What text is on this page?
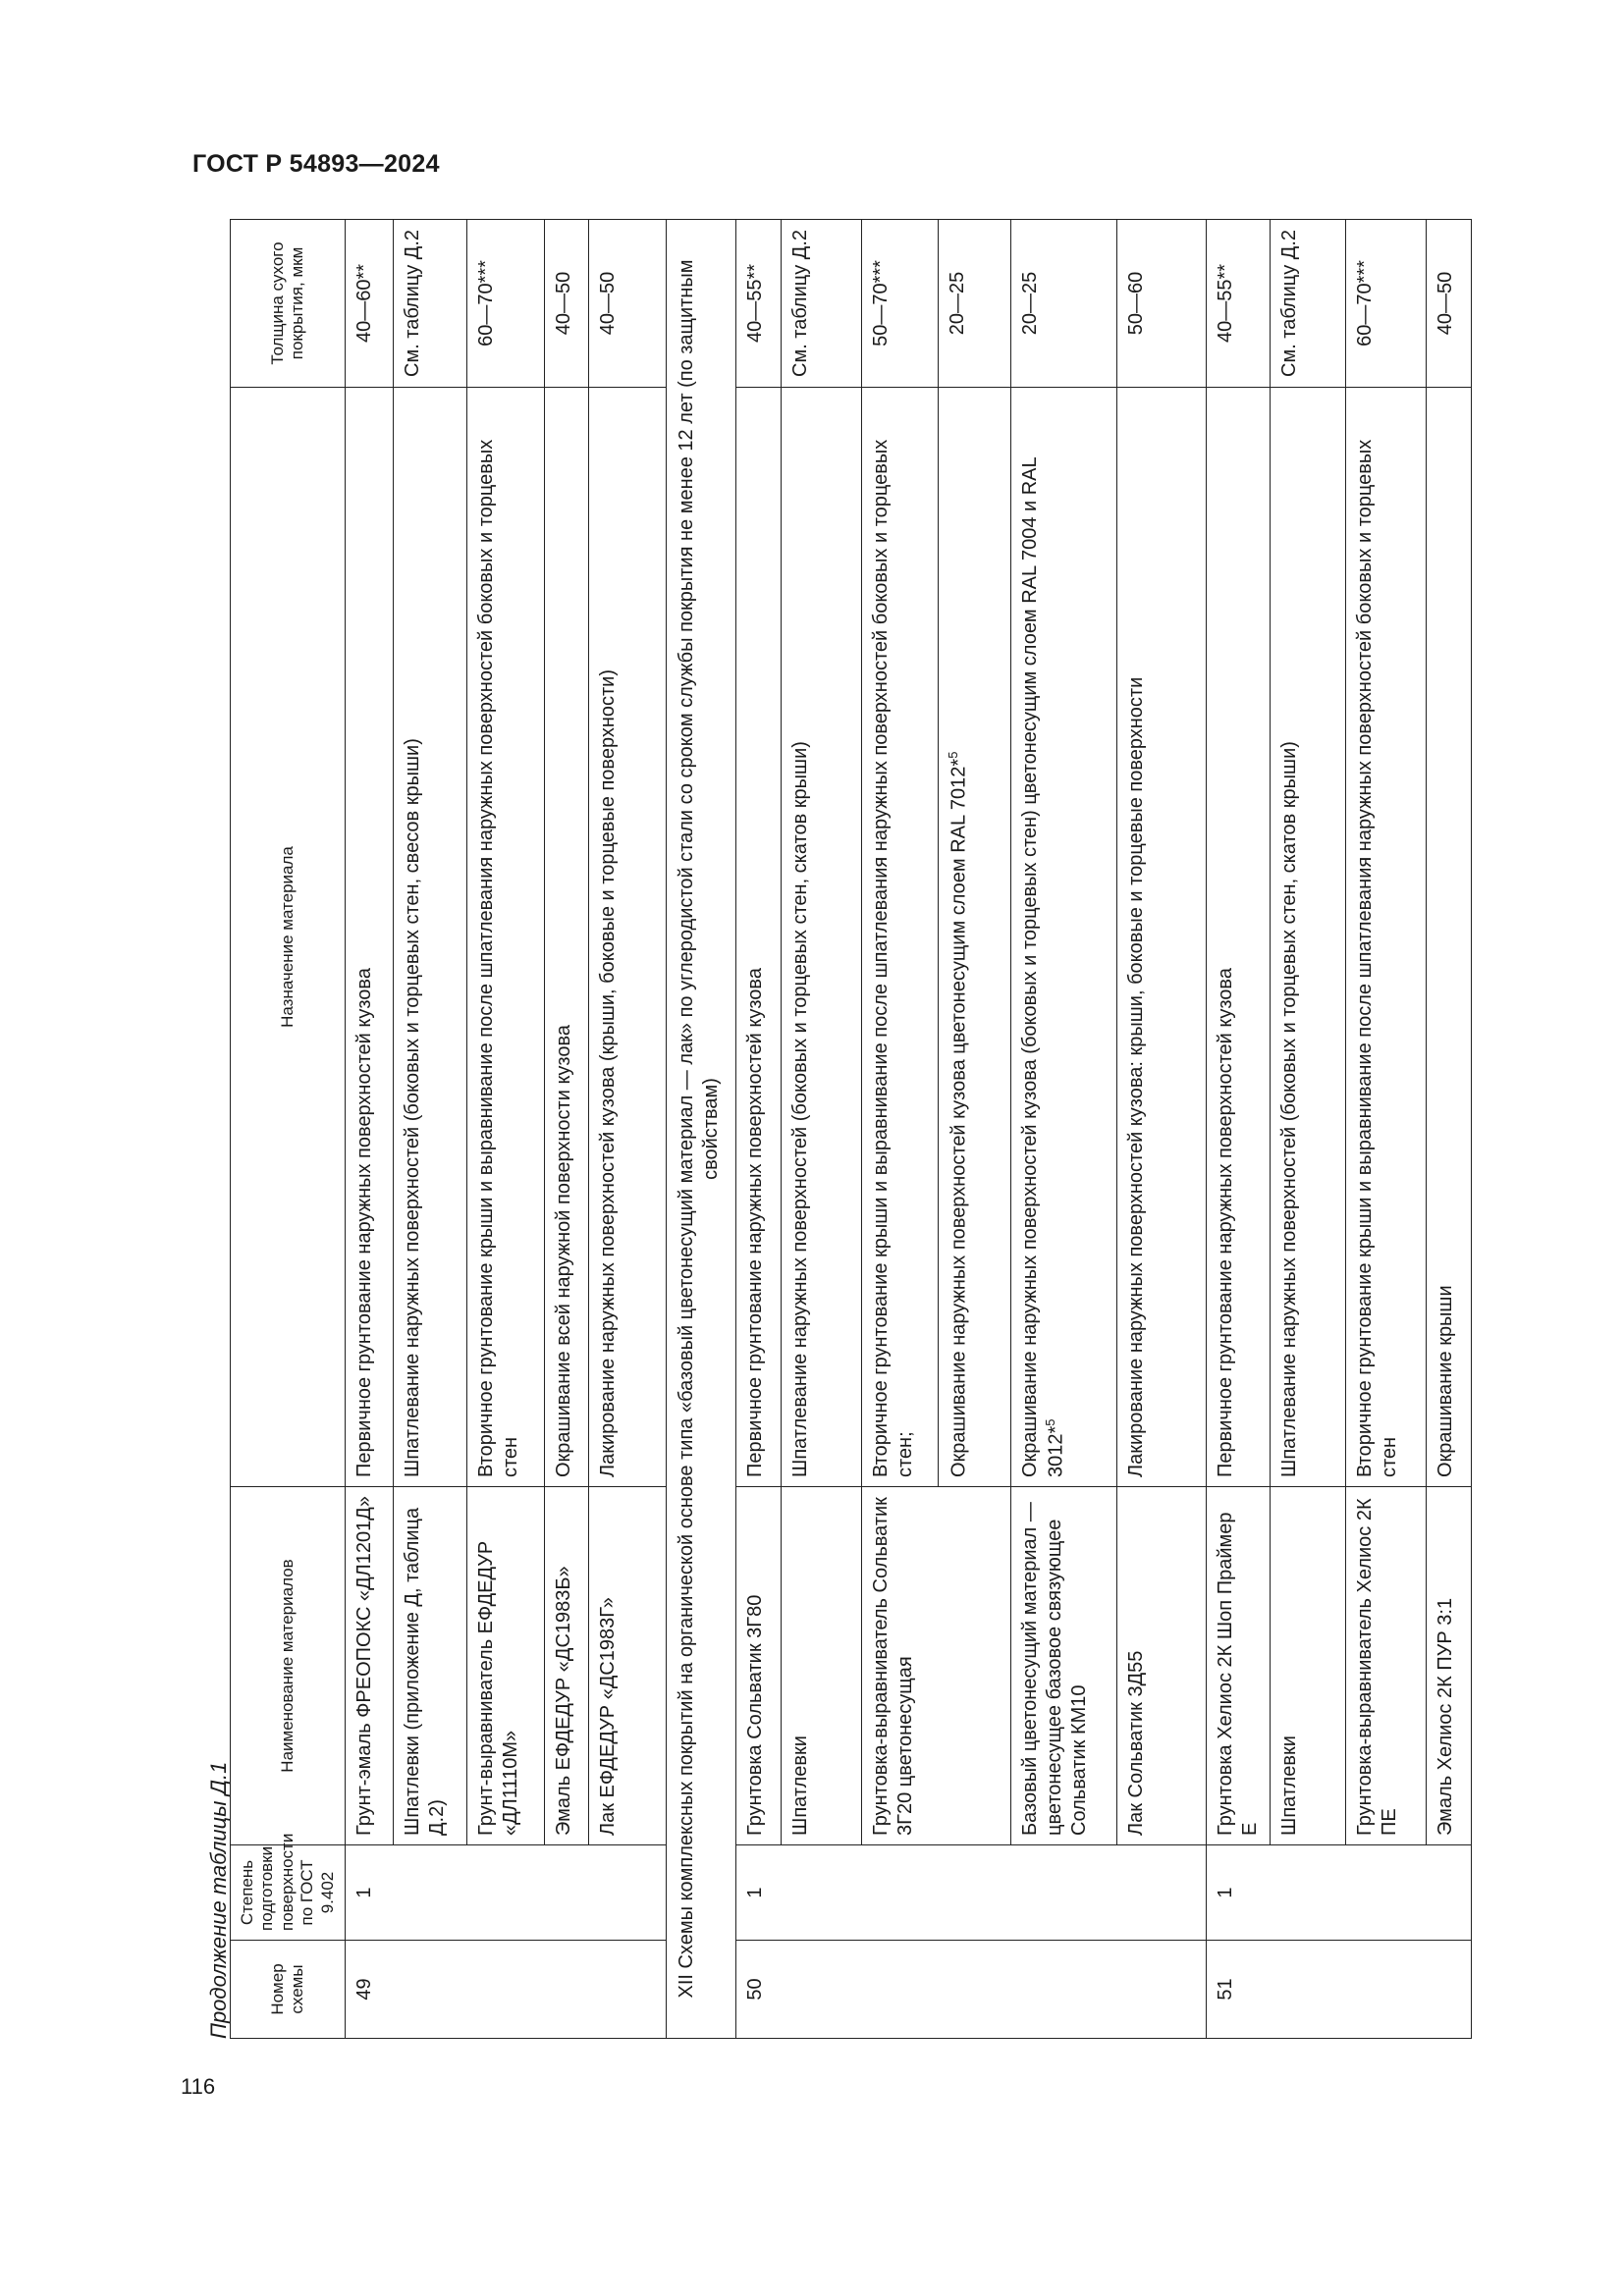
ГОСТ Р 54893—2024
116
Продолжение таблицы Д.1 Номер схемы	Степень подготовки поверхности по ГОСТ 9.402	Наименование материалов	Назначение материала	Толщина сухого покрытия, мкм
49	1	Грунт-эмаль ФРЕОПОКС «ДЛ1201Д»	Первичное грунтование наружных поверхностей кузова	40—60**
		Шпатлевки (приложение Д, таблица Д.2)	Шпатлевание наружных поверхностей (боковых и торцевых стен, свесов крыши)	См. таблицу Д.2
		Грунт-выравниватель ЕФДЕДУР «ДЛ1110М»	Вторичное грунтование крыши и выравнивание после шпатлевания наружных поверхностей боковых и торцевых стен	60—70***
		Эмаль ЕФДЕДУР «ДС1983Б»	Окрашивание всей наружной поверхности кузова	40—50
		Лак ЕФДЕДУР «ДС1983Г»	Лакирование наружных поверхностей кузова (крыши, боковые и торцевые поверхности)	40—50
XII Схемы комплексных покрытий на органической основе типа «базовый цветонесущий материал — лак» по углеродистой стали со сроком службы покрытия не менее 12 лет (по защитным свойствам)				
50	1	Грунтовка Сольватик 3Г80	Первичное грунтование наружных поверхностей кузова	40—55**
		Шпатлевки	Шпатлевание наружных поверхностей (боковых и торцевых стен, скатов крыши)	См. таблицу Д.2
		Грунтовка-выравниватель Сольватик 3Г20 цветонесущая	Вторичное грунтование крыши и выравнивание после шпатлевания наружных поверхностей боковых и торцевых стен;	50—70***
			Окрашивание наружных поверхностей кузова цветонесущим слоем RAL 7012*$^5$	20—25
		Базовый цветонесущий материал — цветонесущее базовое связующее Сольватик КМ10	Окрашивание наружных поверхностей кузова (боковых и торцевых стен) цветонесущим слоем RAL 7004 и RAL 3012*$^5$	20—25
		Лак Сольватик 3Д55	Лакирование наружных поверхностей кузова: крыши, боковые и торцевые поверхности	50—60
51	1	Грунтовка Хелиос 2К Шоп Праймер Е	Первичное грунтование наружных поверхностей кузова	40—55**
		Шпатлевки	Шпатлевание наружных поверхностей (боковых и торцевых стен, скатов крыши)	См. таблицу Д.2
		Грунтовка-выравниватель Хелиос 2К ПЕ	Вторичное грунтование крыши и выравнивание после шпатлевания наружных поверхностей боковых и торцевых стен	60—70***
		Эмаль Хелиос 2К ПУР 3:1	Окрашивание крыши	40—50
